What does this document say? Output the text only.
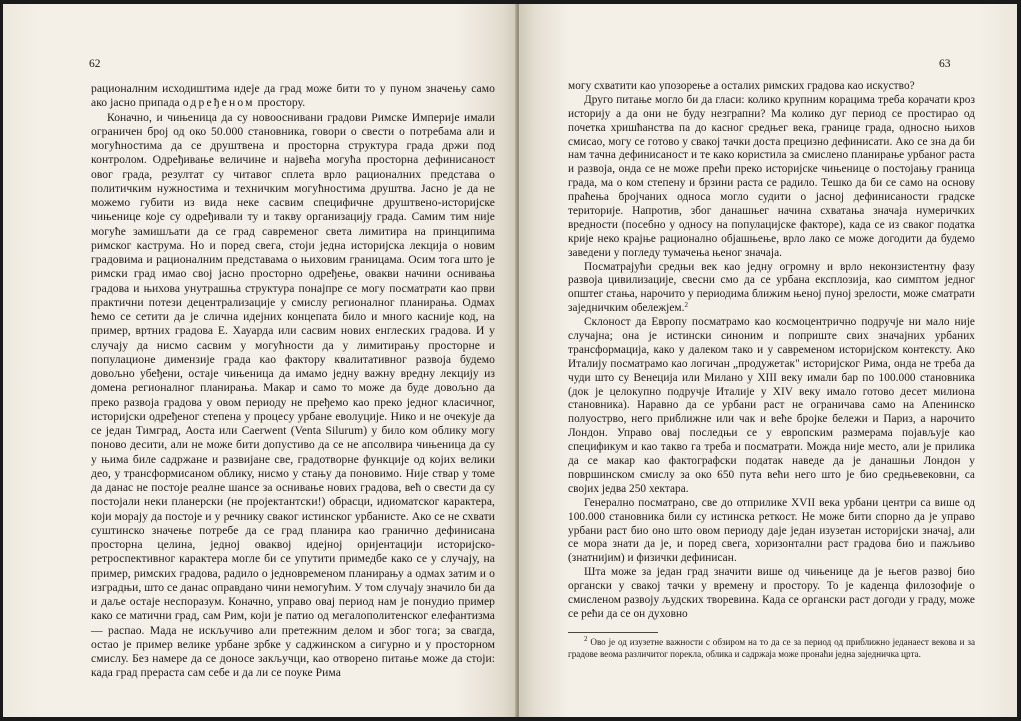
62

рационалним исходиштима идеје да град може бити то у пуном значењу само ако јасно припада одређеном простору.

Коначно, и чињеница да су новооснивани градови Римске Империје имали ограничен број од око 50.000 становника, говори о свести о потребама али и могућностима да се друштвена и просторна структура града држи под контролом. Одређивање величине и највећа могућа просторна дефинисаност овог града, резултат су читавог сплета врло рационалних представа о политичким нужностима и техничким могућностима друштва. Јасно је да не можемо губити из вида неке сасвим специфичне друштвено-историјске чињенице које су одређивали ту и такву организацију града. Самим тим није могуће замишљати да се град савременог света лимитира на принципима римског каструма. Но и поред свега, стоји једна историјска лекција о новим градовима и рационалним представама о њиховим границама. Осим тога што је римски град имао свој јасно просторно одређење, овакви начини оснивања градова и њихова унутрашња структура понајпре се могу посматрати као први практични потези децентрализације у смислу регионалног планирања. Одмах ћемо се сетити да је слична идејних концепата било и много касније код, на пример, вртних градова Е. Хауарда или сасвим нових енглеских градова. И у случају да нисмо сасвим у могућности да у лимитирању просторне и популационе димензије града као фактору квалитативног развоја будемо довољно убеђени, остаје чињеница да имамо једну важну вредну лекцију из домена регионалног планирања. Макар и само то може да буде довољно да преко развоја градова у овом периоду не пређемо као преко једног класичног, историјски одређеног степена у процесу урбане еволуције. Нико и не очекује да се један Тимград, Аоста или Caerwent (Venta Silurum) у било ком облику могу поново десити, али не може бити допустиво да се не апсолвира чињеница да су у њима биле садржане и развијане све, градотворне функције од којих велики део, у трансформисаном облику, нисмо у стању да поновимо. Није ствар у томе да данас не постоје реалне шансе за оснивање нових градова, већ о свести да су постојали неки планерски (не пројектантски!) обрасци, идиоматског карактера, који морају да постоје и у речнику сваког истинског урбанисте. Ако се не схвати суштинско значење потребе да се град планира као гранично дефинисана просторна целина, једној оваквој идејној оријентацији историјско-ретроспективног карактера могле би се упутити примедбе како се у случају, на пример, римских градова, радило о једновременом планирању а одмах затим и о изградњи, што се данас оправдано чини немогућим. У том случају значило би да и даље остаје неспоразум. Коначно, управо овај период нам је понудио пример како се матични град, сам Рим, који је патио од мегалополитенског елефантизма — распао. Мада не искључиво али претежним делом и због тога; за свагда, остао је пример велике урбане зрбке у саджинском а сигурно и у просторном смислу. Без намере да се доносе закључци, као отворено питање може да стоји: када град прераста сам себе и да ли се поуке Рима

63

могу схватити као упозорење а осталих римских градова као искуство?

Друго питање могло би да гласи: колико крупним корацима треба корачати кроз историју а да они не буду незграпни? Ма колико дуг период се простирао од почетка хришћанства па до касног средњег века, границе града, односно њихов смисао, могу се готово у свакој тачки доста прецизно дефинисати. Ако се зна да би нам тачна дефинисаност и те како користила за смислено планирање урбаног раста и развоја, онда се не може прећи преко историјске чињенице о постојању граница града, ма о ком степену и брзини раста се радило. Тешко да би се само на основу праћења бројчаних односа могло судити о јасној дефинисаности градске територије. Напротив, због данашњег начина схватања значаја нумеричких вредности (посебно у односу на популацијске факторе), када се из сваког податка крије неко крајње рационално објашњење, врло лако се може догодити да будемо заведени у погледу тумачења њеног значаја.

Посматрајући средњи век као једну огромну и врло неконзистентну фазу развоја цивилизације, свесни смо да се урбана експлозија, као симптом једног општег стања, нарочито у периодима ближим њеној пуној зрелости, може сматрати заједничким обележјем.$^2$

Склоност да Европу посматрамо као космоцентрично подручје ни мало није случајна; она је истински синоним и поприште свих значајних урбаних трансформација, како у далеком тако и у савременом историјском контексту. Ако Италију посматрамо као логичан „продужетак" историјског Рима, онда не треба да чуди што су Венеција или Милано у XIII веку имали бар по 100.000 становника (док је целокупно подручје Италије у XIV веку имало готово десет милиона становника). Наравно да се урбани раст не ограничава само на Апенинско полуострво, него приближне или чак и веће бројке бележи и Париз, а нарочито Лондон. Управо овај последњи се у европским размерама појављује као спецификум и као такво га треба и посматрати. Можда није место, али је прилика да се макар као фактографски податак наведе да је данашњи Лондон у површинском смислу за око 650 пута већи него што је био средњевековни, са својих једва 250 хектара.

Генерално посматрано, све до отприлике XVII века урбани центри са више од 100.000 становника били су истинска реткост. Не може бити спорно да је управо урбани раст био оно што овом периоду даје један изузетан историјски значај, али се мора знати да је, и поред свега, хоризонтални раст градова био и пажљиво (знатнијим) и физички дефинисан.

Шта може за један град значити више од чињенице да је његов развој био органски у свакој тачки у времену и простору. То је каденца филозофије о смисленом развоју људских творевина. Када се органски раст догоди у граду, може се рећи да се он духовно

$^2$ Ово је од изузетне важности с обзиром на то да се за период од приближно једанаест векова и за градове веома различитог порекла, облика и садржаја може пронаћи једна заједничка црта.
